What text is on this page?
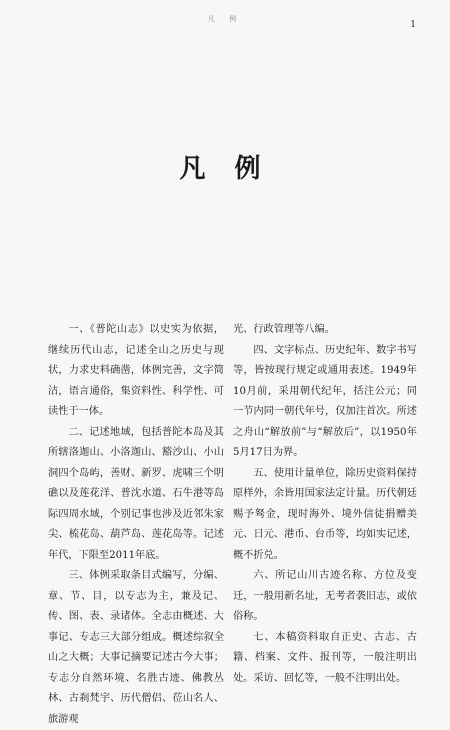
凡 例
1
凡 例

一、《普陀山志》以史实为依据，继续历代山志，记述全山之历史与现状，力求史料确凿，体例完善，文字简洁，语言通俗，集资料性、科学性、可读性于一体。

二、记述地域，包括普陀本岛及其所辖洛迦山、小洛迦山、豁沙山、小山洞四个岛屿，善财、新罗、虎啸三个明礁以及莲花洋、普沈水道、石牛港等岛际四周水域，个别记事也涉及近邻朱家尖、梳花岛、葫芦岛、莲花岛等。记述年代，下限至2011年底。

三、体例采取条目式编写，分编、章、节、目，以专志为主，兼及记、传、图、表、录诸体。全志由概述、大事记、专志三大部分组成。概述综叙全山之大概；大事记摘要记述古今大事；专志分自然环境、名胜古迹、佛教丛林、古刹梵宇、历代僧侣、莅山名人、旅游观

光、行政管理等八编。

四、文字标点、历史纪年、数字书写等，皆按现行规定或通用表述。1949年10月前，采用朝代纪年，括注公元；同一节内同一朝代年号，仅加注首次。所述之舟山“解放前”与“解放后”，以1950年5月17日为界。

五、使用计量单位，除历史资料保持原样外，余皆用国家法定计量。历代朝廷赐予驽金，现时海外、境外信徒捐赠美元、日元、港币、台币等，均如实记述，概不折兑。

六、所记山川古迹名称、方位及变迁，一般用新名址，无考者袭旧志，或依俗称。

七、本稿资料取自正史、古志、古籍、档案、文件、报刊等，一般注明出处。采访、回忆等，一般不注明出处。
